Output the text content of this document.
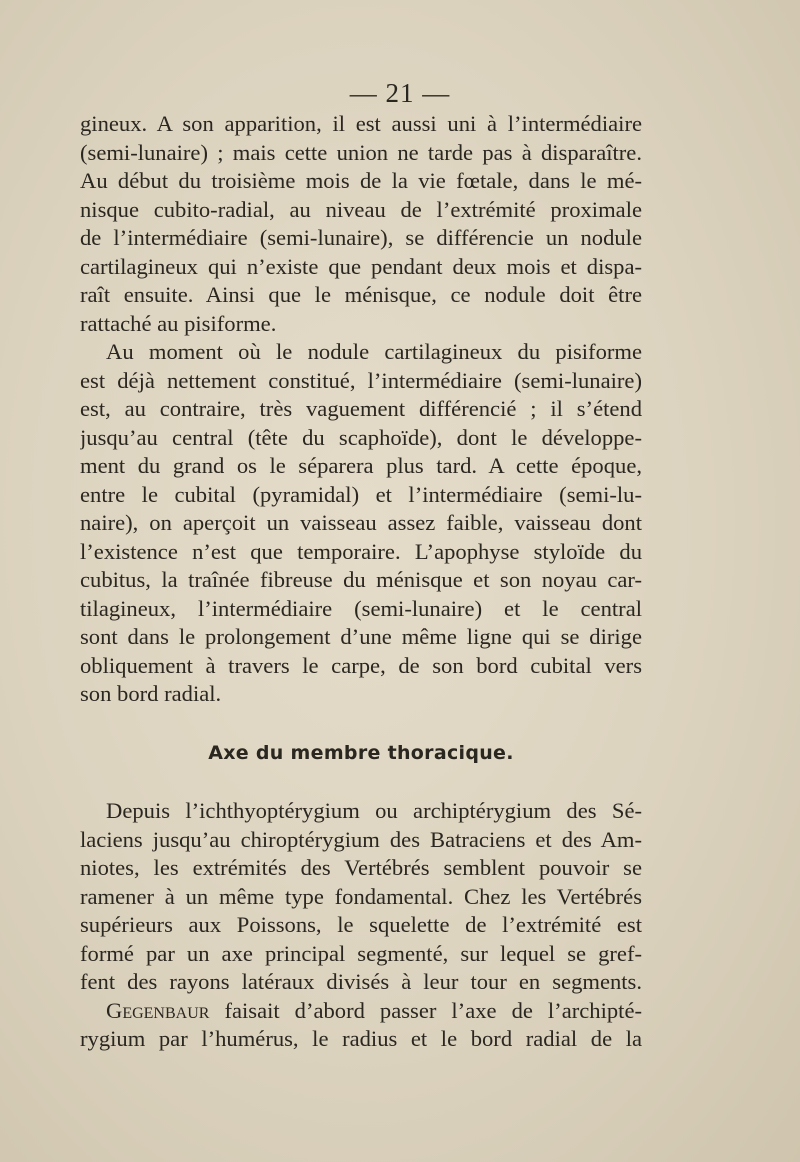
— 21 —
gineux. A son apparition, il est aussi uni à l’intermédiaire
(semi-lunaire) ; mais cette union ne tarde pas à disparaître.
Au début du troisième mois de la vie fœtale, dans le mé-
nisque cubito-radial, au niveau de l’extrémité proximale
de l’intermédiaire (semi-lunaire), se différencie un nodule
cartilagineux qui n’existe que pendant deux mois et dispa-
raît ensuite. Ainsi que le ménisque, ce nodule doit être
rattaché au pisiforme.
Au moment où le nodule cartilagineux du pisiforme
est déjà nettement constitué, l’intermédiaire (semi-lunaire)
est, au contraire, très vaguement différencié ; il s’étend
jusqu’au central (tête du scaphoïde), dont le développe-
ment du grand os le séparera plus tard. A cette époque,
entre le cubital (pyramidal) et l’intermédiaire (semi-lu-
naire), on aperçoit un vaisseau assez faible, vaisseau dont
l’existence n’est que temporaire. L’apophyse styloïde du
cubitus, la traînée fibreuse du ménisque et son noyau car-
tilagineux, l’intermédiaire (semi-lunaire) et le central
sont dans le prolongement d’une même ligne qui se dirige
obliquement à travers le carpe, de son bord cubital vers
son bord radial.
Axe du membre thoracique.
Depuis l’ichthyoptérygium ou archiptérygium des Sé-
laciens jusqu’au chiroptérygium des Batraciens et des Am-
niotes, les extrémités des Vertébrés semblent pouvoir se
ramener à un même type fondamental. Chez les Vertébrés
supérieurs aux Poissons, le squelette de l’extrémité est
formé par un axe principal segmenté, sur lequel se gref-
fent des rayons latéraux divisés à leur tour en segments.
Gegenbaur faisait d’abord passer l’axe de l’archipté-
rygium par l’humérus, le radius et le bord radial de la
